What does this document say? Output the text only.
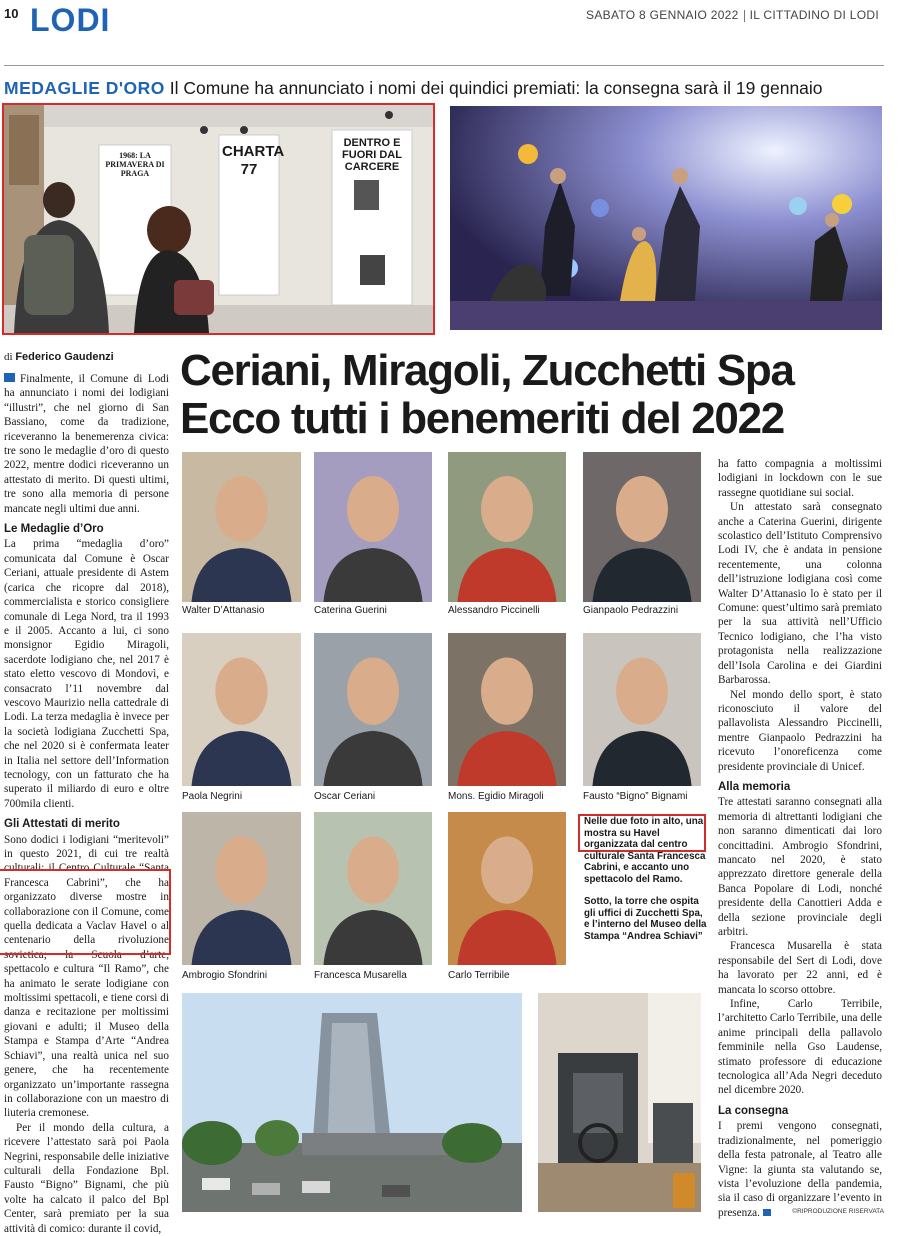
10 LODI	SABATO 8 GENNAIO 2022 IL CITTADINO DI LODI
MEDAGLIE D'ORO Il Comune ha annunciato i nomi dei quindici premiati: la consegna sarà il 19 gennaio
1968: LA PRIMAVERA DI PRAGA
CHARTA 77
DENTRO E FUORI DAL CARCERE
di Federico Gaudenzi

Finalmente, il Comune di Lodi ha annunciato i nomi dei lodigiani “illustri”, che nel giorno di San Bassiano, come da tradizione, riceveranno la benemerenza civica: tre sono le medaglie d’oro di questo 2022, mentre dodici riceveranno un attestato di merito. Di questi ultimi, tre sono alla memoria di persone mancate negli ultimi due anni.

Le Medaglie d’Oro

La prima “medaglia d’oro” comunicata dal Comune è Oscar Ceriani, attuale presidente di Astem (carica che ricopre dal 2018), commercialista e storico consigliere comunale di Lega Nord, tra il 1993 e il 2005. Accanto a lui, ci sono monsignor Egidio Miragoli, sacerdote lodigiano che, nel 2017 è stato eletto vescovo di Mondovì, e consacrato l’11 novembre dal vescovo Maurizio nella cattedrale di Lodi. La terza medaglia è invece per la società lodigiana Zucchetti Spa, che nel 2020 si è confermata leater in Italia nel settore dell’Information tecnology, con un fatturato che ha superato il miliardo di euro e oltre 700mila clienti.

Gli Attestati di merito

Sono dodici i lodigiani “meritevoli” in questo 2021, di cui tre realtà culturali: il Centro Culturale “Santa Francesca Cabrini”, che ha organizzato diverse mostre in collaborazione con il Comune, come quella dedicata a Vaclav Havel o al centenario della rivoluzione sovietica; la Scuola d’arte, spettacolo e cultura “Il Ramo”, che ha animato le serate lodigiane con moltissimi spettacoli, e tiene corsi di danza e recitazione per moltissimi giovani e adulti; il Museo della Stampa e Stampa d’Arte “Andrea Schiavi”, una realtà unica nel suo genere, che ha recentemente organizzato un’importante rassegna in collaborazione con un maestro di liuteria cremonese.

Per il mondo della cultura, a ricevere l’attestato sarà poi Paola Negrini, responsabile delle iniziative culturali della Fondazione Bpl. Fausto “Bigno” Bignami, che più volte ha calcato il palco del Bpl Center, sarà premiato per la sua attività di comico: durante il covid,

Ceriani, Miragoli, Zucchetti Spa
Ecco tutti i benemeriti del 2022
Walter D’Attanasio	Caterina Guerini	Alessandro Piccinelli	Gianpaolo Pedrazzini
Paola Negrini	Oscar Ceriani	Mons. Egidio Miragoli	Fausto “Bigno” Bignami
Ambrogio Sfondrini	Francesca Musarella	Carlo Terribile
Nelle due foto in alto, una mostra su Havel organizzata dal centro culturale Santa Francesca Cabrini, e accanto uno spettacolo del Ramo.
Sotto, la torre che ospita gli uffici di Zucchetti Spa, e l’interno del Museo della Stampa “Andrea Schiavi”

ha fatto compagnia a moltissimi lodigiani in lockdown con le sue rassegne quotidiane sui social.

Un attestato sarà consegnato anche a Caterina Guerini, dirigente scolastico dell’Istituto Comprensivo Lodi IV, che è andata in pensione recentemente, una colonna dell’istruzione lodigiana così come Walter D’Attanasio lo è stato per il Comune: quest’ultimo sarà premiato per la sua attività nell’Ufficio Tecnico lodigiano, che l’ha visto protagonista nella realizzazione dell’Isola Carolina e dei Giardini Barbarossa.

Nel mondo dello sport, è stato riconosciuto il valore del pallavolista Alessandro Piccinelli, mentre Gianpaolo Pedrazzini ha ricevuto l’onoreficenza come presidente provinciale di Unicef.

Alla memoria

Tre attestati saranno consegnati alla memoria di altrettanti lodigiani che non saranno dimenticati dai loro concittadini. Ambrogio Sfondrini, mancato nel 2020, è stato apprezzato direttore generale della Banca Popolare di Lodi, nonché presidente della Canottieri Adda e della sezione provinciale degli arbitri.

Francesca Musarella è stata responsabile del Sert di Lodi, dove ha lavorato per 22 anni, ed è mancata lo scorso ottobre.

Infine, Carlo Terribile, l’architetto Carlo Terribile, una delle anime principali della pallavolo femminile nella Gso Laudense, stimato professore di educazione tecnologica all’Ada Negri deceduto nel dicembre 2020.

La consegna

I premi vengono consegnati, tradizionalmente, nel pomeriggio della festa patronale, al Teatro alle Vigne: la giunta sta valutando se, vista l’evoluzione della pandemia, sia il caso di organizzare l’evento in presenza.	©RIPRODUZIONE RISERVATA
